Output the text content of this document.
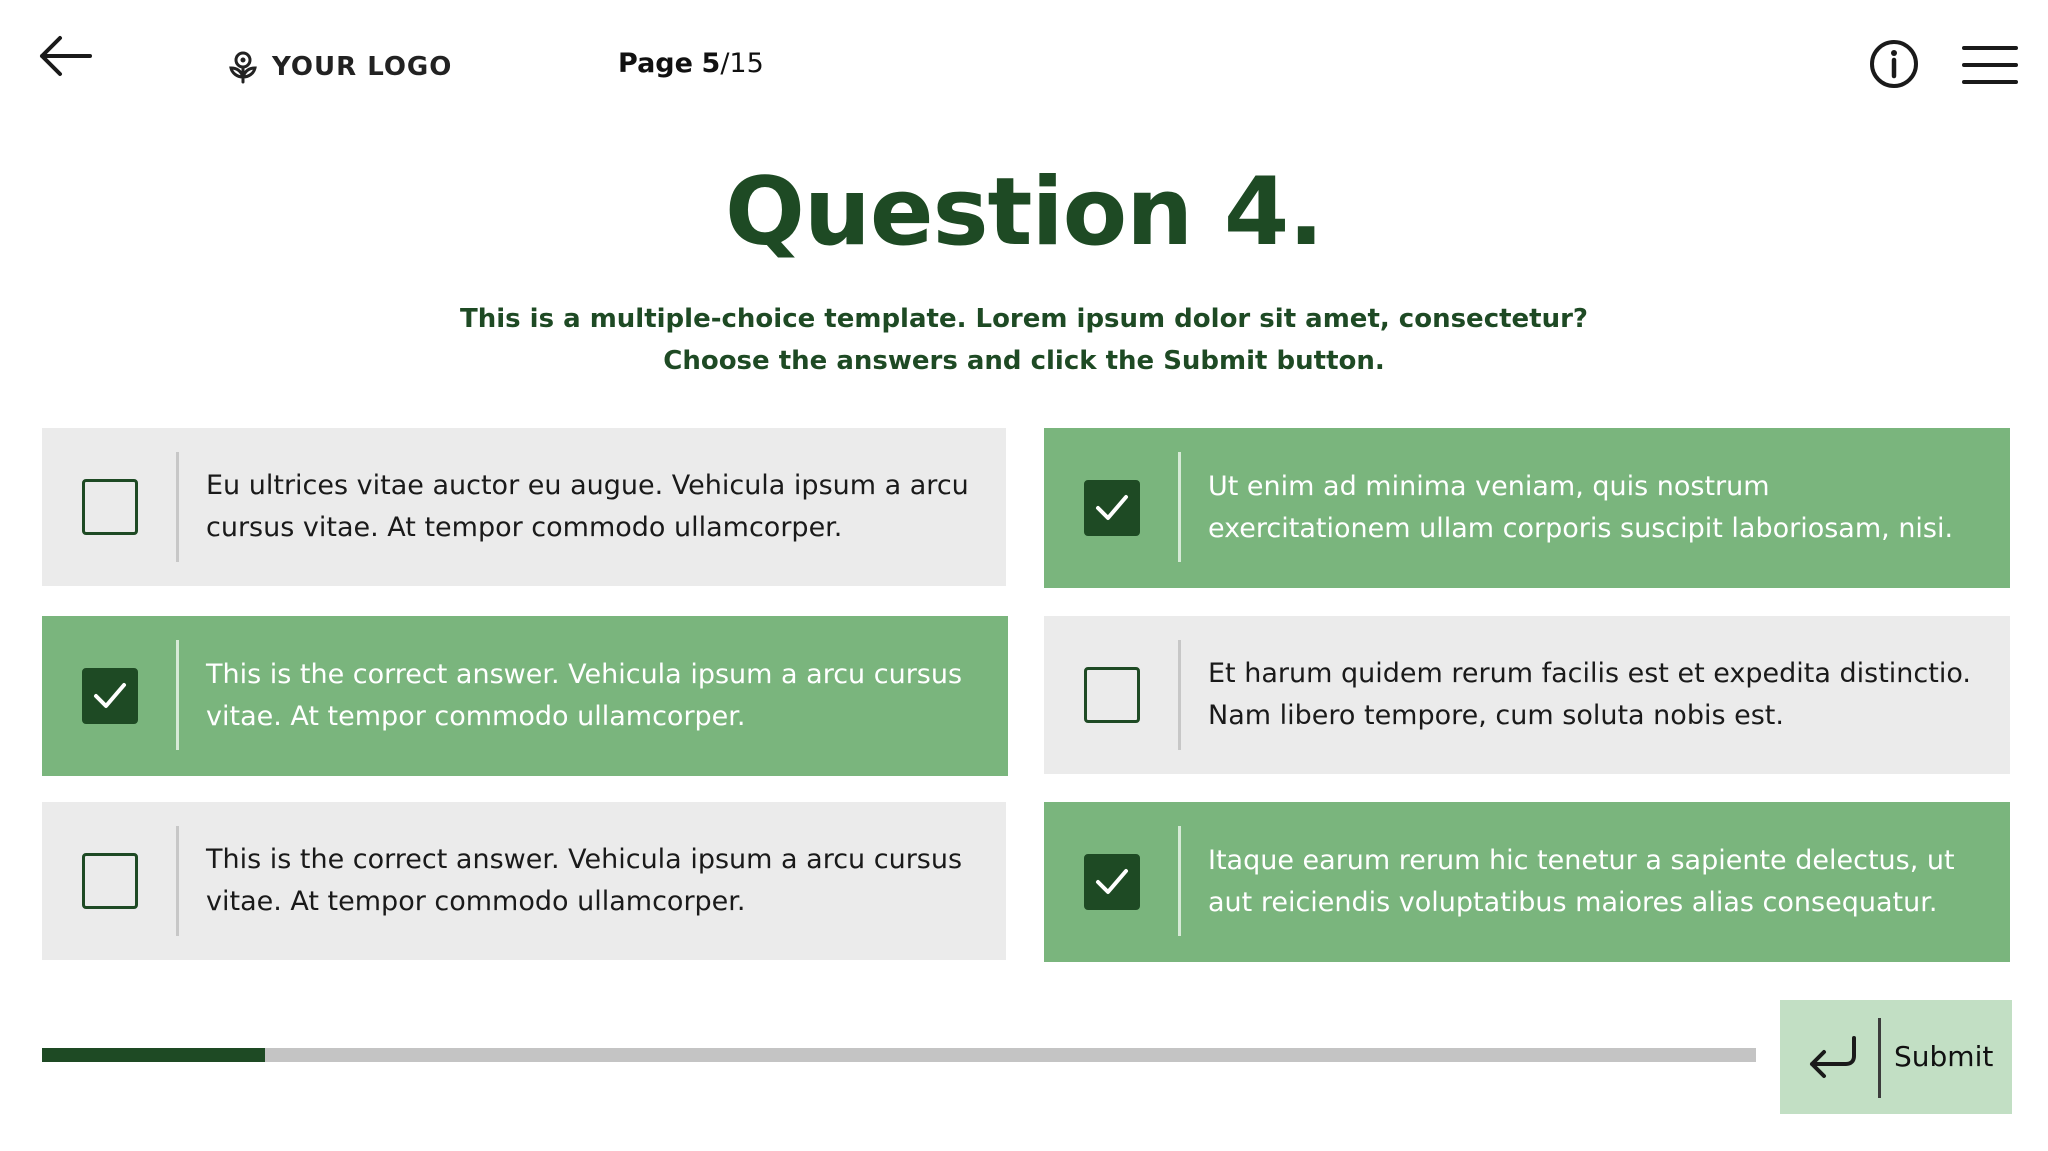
YOUR LOGO	Page 5/15
Question 4.
This is a multiple-choice template. Lorem ipsum dolor sit amet, consectetur?
Choose the answers and click the Submit button.
Eu ultrices vitae auctor eu augue. Vehicula ipsum a arcu cursus vitae. At tempor commodo ullamcorper.
Ut enim ad minima veniam, quis nostrum exercitationem ullam corporis suscipit laboriosam, nisi.
This is the correct answer. Vehicula ipsum a arcu cursus vitae. At tempor commodo ullamcorper.
Et harum quidem rerum facilis est et expedita distinctio. Nam libero tempore, cum soluta nobis est.
This is the correct answer. Vehicula ipsum a arcu cursus vitae. At tempor commodo ullamcorper.
Itaque earum rerum hic tenetur a sapiente delectus, ut aut reiciendis voluptatibus maiores alias consequatur.
Submit
